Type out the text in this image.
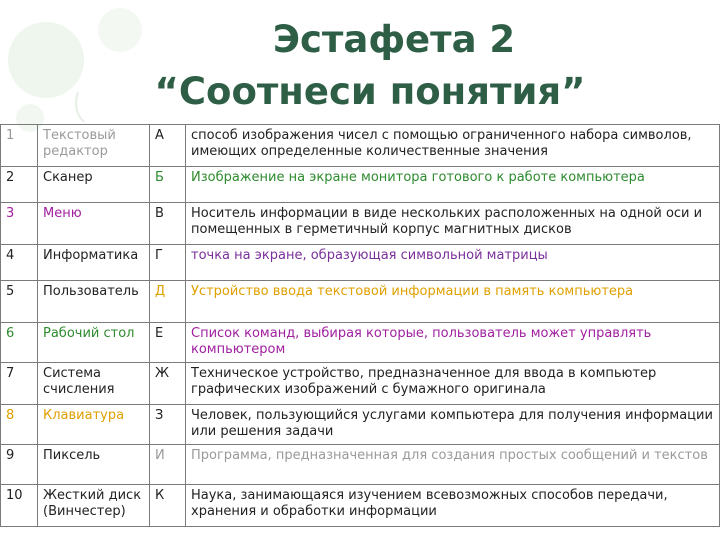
Эстафета 2
“Соотнеси понятия”
1	Текстовый редактор	А	способ изображения чисел с помощью ограниченного набора символов, имеющих определенные количественные значения
2	Сканер	Б	Изображение на экране монитора готового к работе компьютера
3	Меню	В	Носитель информации в виде нескольких расположенных на одной оси и помещенных в герметичный корпус магнитных дисков
4	Информатика	Г	точка на экране, образующая символьной матрицы
5	Пользователь	Д	Устройство ввода текстовой информации в память компьютера
6	Рабочий стол	Е	Список команд, выбирая которые, пользователь может управлять компьютером
7	Система счисления	Ж	Техническое устройство, предназначенное для ввода в компьютер графических изображений с бумажного оригинала
8	Клавиатура	З	Человек, пользующийся услугами компьютера для получения информации или решения задачи
9	Пиксель	И	Программа, предназначенная для создания простых сообщений и текстов
10	Жесткий диск (Винчестер)	К	Наука, занимающаяся изучением всевозможных способов передачи, хранения и обработки информации
